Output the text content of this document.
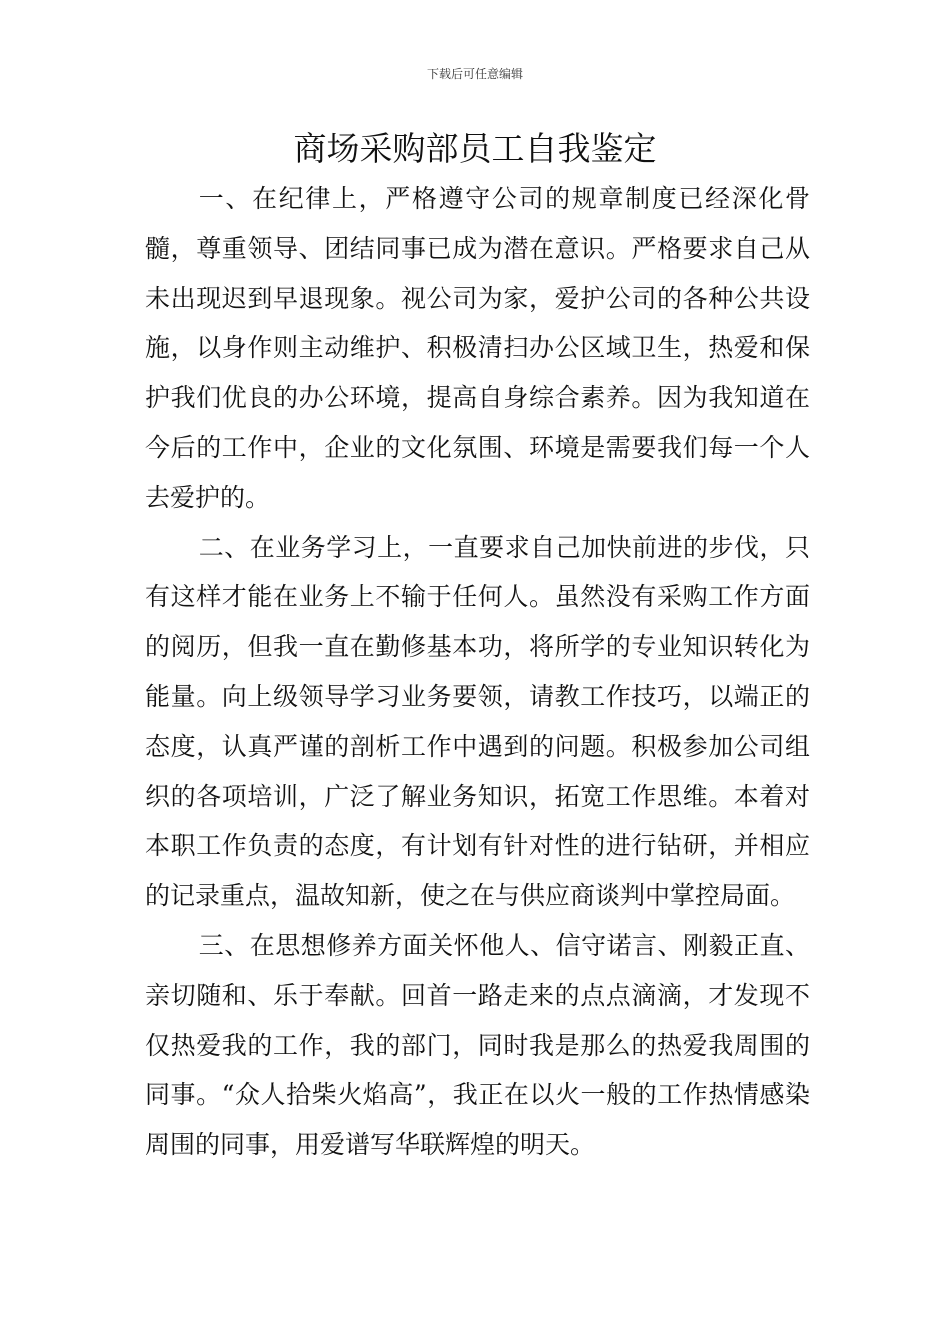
下载后可任意编辑
商场采购部员工自我鉴定

一、在纪律上，严格遵守公司的规章制度已经深化骨髓，尊重领导、团结同事已成为潜在意识。严格要求自己从未出现迟到早退现象。视公司为家，爱护公司的各种公共设施，以身作则主动维护、积极清扫办公区域卫生，热爱和保护我们优良的办公环境，提高自身综合素养。因为我知道在今后的工作中，企业的文化氛围、环境是需要我们每一个人去爱护的。

二、在业务学习上，一直要求自己加快前进的步伐，只有这样才能在业务上不输于任何人。虽然没有采购工作方面的阅历，但我一直在勤修基本功，将所学的专业知识转化为能量。向上级领导学习业务要领，请教工作技巧，以端正的态度，认真严谨的剖析工作中遇到的问题。积极参加公司组织的各项培训，广泛了解业务知识，拓宽工作思维。本着对本职工作负责的态度，有计划有针对性的进行钻研，并相应的记录重点，温故知新，使之在与供应商谈判中掌控局面。

三、在思想修养方面关怀他人、信守诺言、刚毅正直、亲切随和、乐于奉献。回首一路走来的点点滴滴，才发现不仅热爱我的工作，我的部门，同时我是那么的热爱我周围的同事。“众人拾柴火焰高”，我正在以火一般的工作热情感染周围的同事，用爱谱写华联辉煌的明天。
